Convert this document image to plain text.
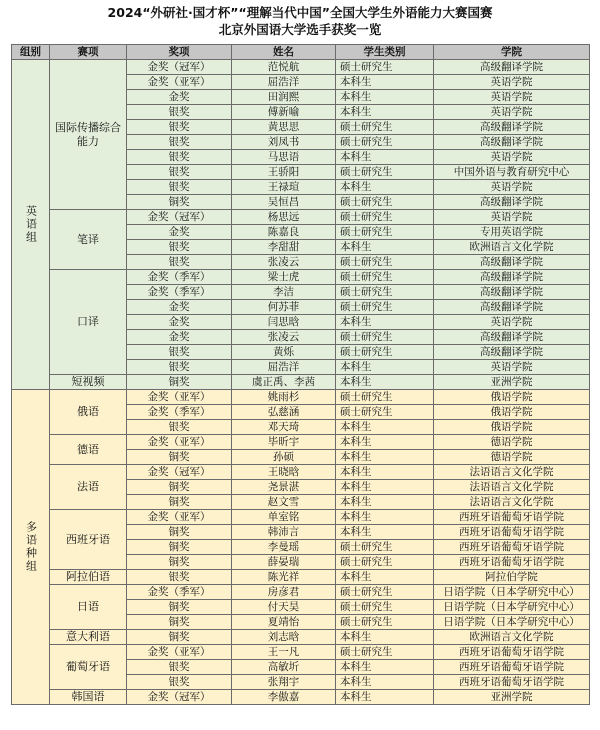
2024“外研社·国才杯”“理解当代中国”全国大学生外语能力大赛国赛
北京外国语大学选手获奖一览
组别	赛项	奖项	姓名	学生类别	学院
英语组	国际传播综合能力	金奖（冠军）	范悦航	硕士研究生	高级翻译学院
		金奖（亚军）	屈浩洋	本科生	英语学院
		金奖	田润熙	本科生	英语学院
		银奖	傅新喻	本科生	英语学院
		银奖	黄思思	硕士研究生	高级翻译学院
		银奖	刘凤书	硕士研究生	高级翻译学院
		银奖	马思语	本科生	英语学院
		银奖	王骄阳	硕士研究生	中国外语与教育研究中心
		银奖	王禄瑄	本科生	英语学院
		铜奖	吴恒昌	硕士研究生	高级翻译学院
	笔译	金奖（冠军）	杨思远	硕士研究生	英语学院
		金奖	陈嘉良	硕士研究生	专用英语学院
		银奖	李甜甜	本科生	欧洲语言文化学院
		银奖	张凌云	硕士研究生	高级翻译学院
	口译	金奖（季军）	梁士虎	硕士研究生	高级翻译学院
		金奖（季军）	李洁	硕士研究生	高级翻译学院
		金奖	何苏菲	硕士研究生	高级翻译学院
		金奖	闫思晗	本科生	英语学院
		金奖	张凌云	硕士研究生	高级翻译学院
		银奖	黄烁	硕士研究生	高级翻译学院
		银奖	屈浩洋	本科生	英语学院
	短视频	铜奖	虞正禹、李茜	本科生	亚洲学院
多语种组	俄语	金奖（亚军）	姚雨杉	硕士研究生	俄语学院
		金奖（季军）	弘慈涵	硕士研究生	俄语学院
		银奖	邓天琦	本科生	俄语学院
	德语	金奖（亚军）	毕昕宇	本科生	德语学院
		铜奖	孙硕	本科生	德语学院
	法语	金奖（冠军）	王晓晗	本科生	法语语言文化学院
		铜奖	尧景湛	本科生	法语语言文化学院
		铜奖	赵文雪	本科生	法语语言文化学院
	西班牙语	金奖（亚军）	单室铭	本科生	西班牙语葡萄牙语学院
		铜奖	韩沛言	本科生	西班牙语葡萄牙语学院
		铜奖	李曼瑶	硕士研究生	西班牙语葡萄牙语学院
		铜奖	薛晏瑞	硕士研究生	西班牙语葡萄牙语学院
	阿拉伯语	银奖	陈光祥	本科生	阿拉伯学院
	日语	金奖（季军）	房彦君	硕士研究生	日语学院（日本学研究中心）
		铜奖	付天昊	硕士研究生	日语学院（日本学研究中心）
		铜奖	夏靖怡	硕士研究生	日语学院（日本学研究中心）
	意大利语	铜奖	刘志晗	本科生	欧洲语言文化学院
	葡萄牙语	金奖（亚军）	王一凡	硕士研究生	西班牙语葡萄牙语学院
		银奖	高敏圻	本科生	西班牙语葡萄牙语学院
		银奖	张翔宇	本科生	西班牙语葡萄牙语学院
	韩国语	金奖（冠军）	李傲嘉	本科生	亚洲学院
